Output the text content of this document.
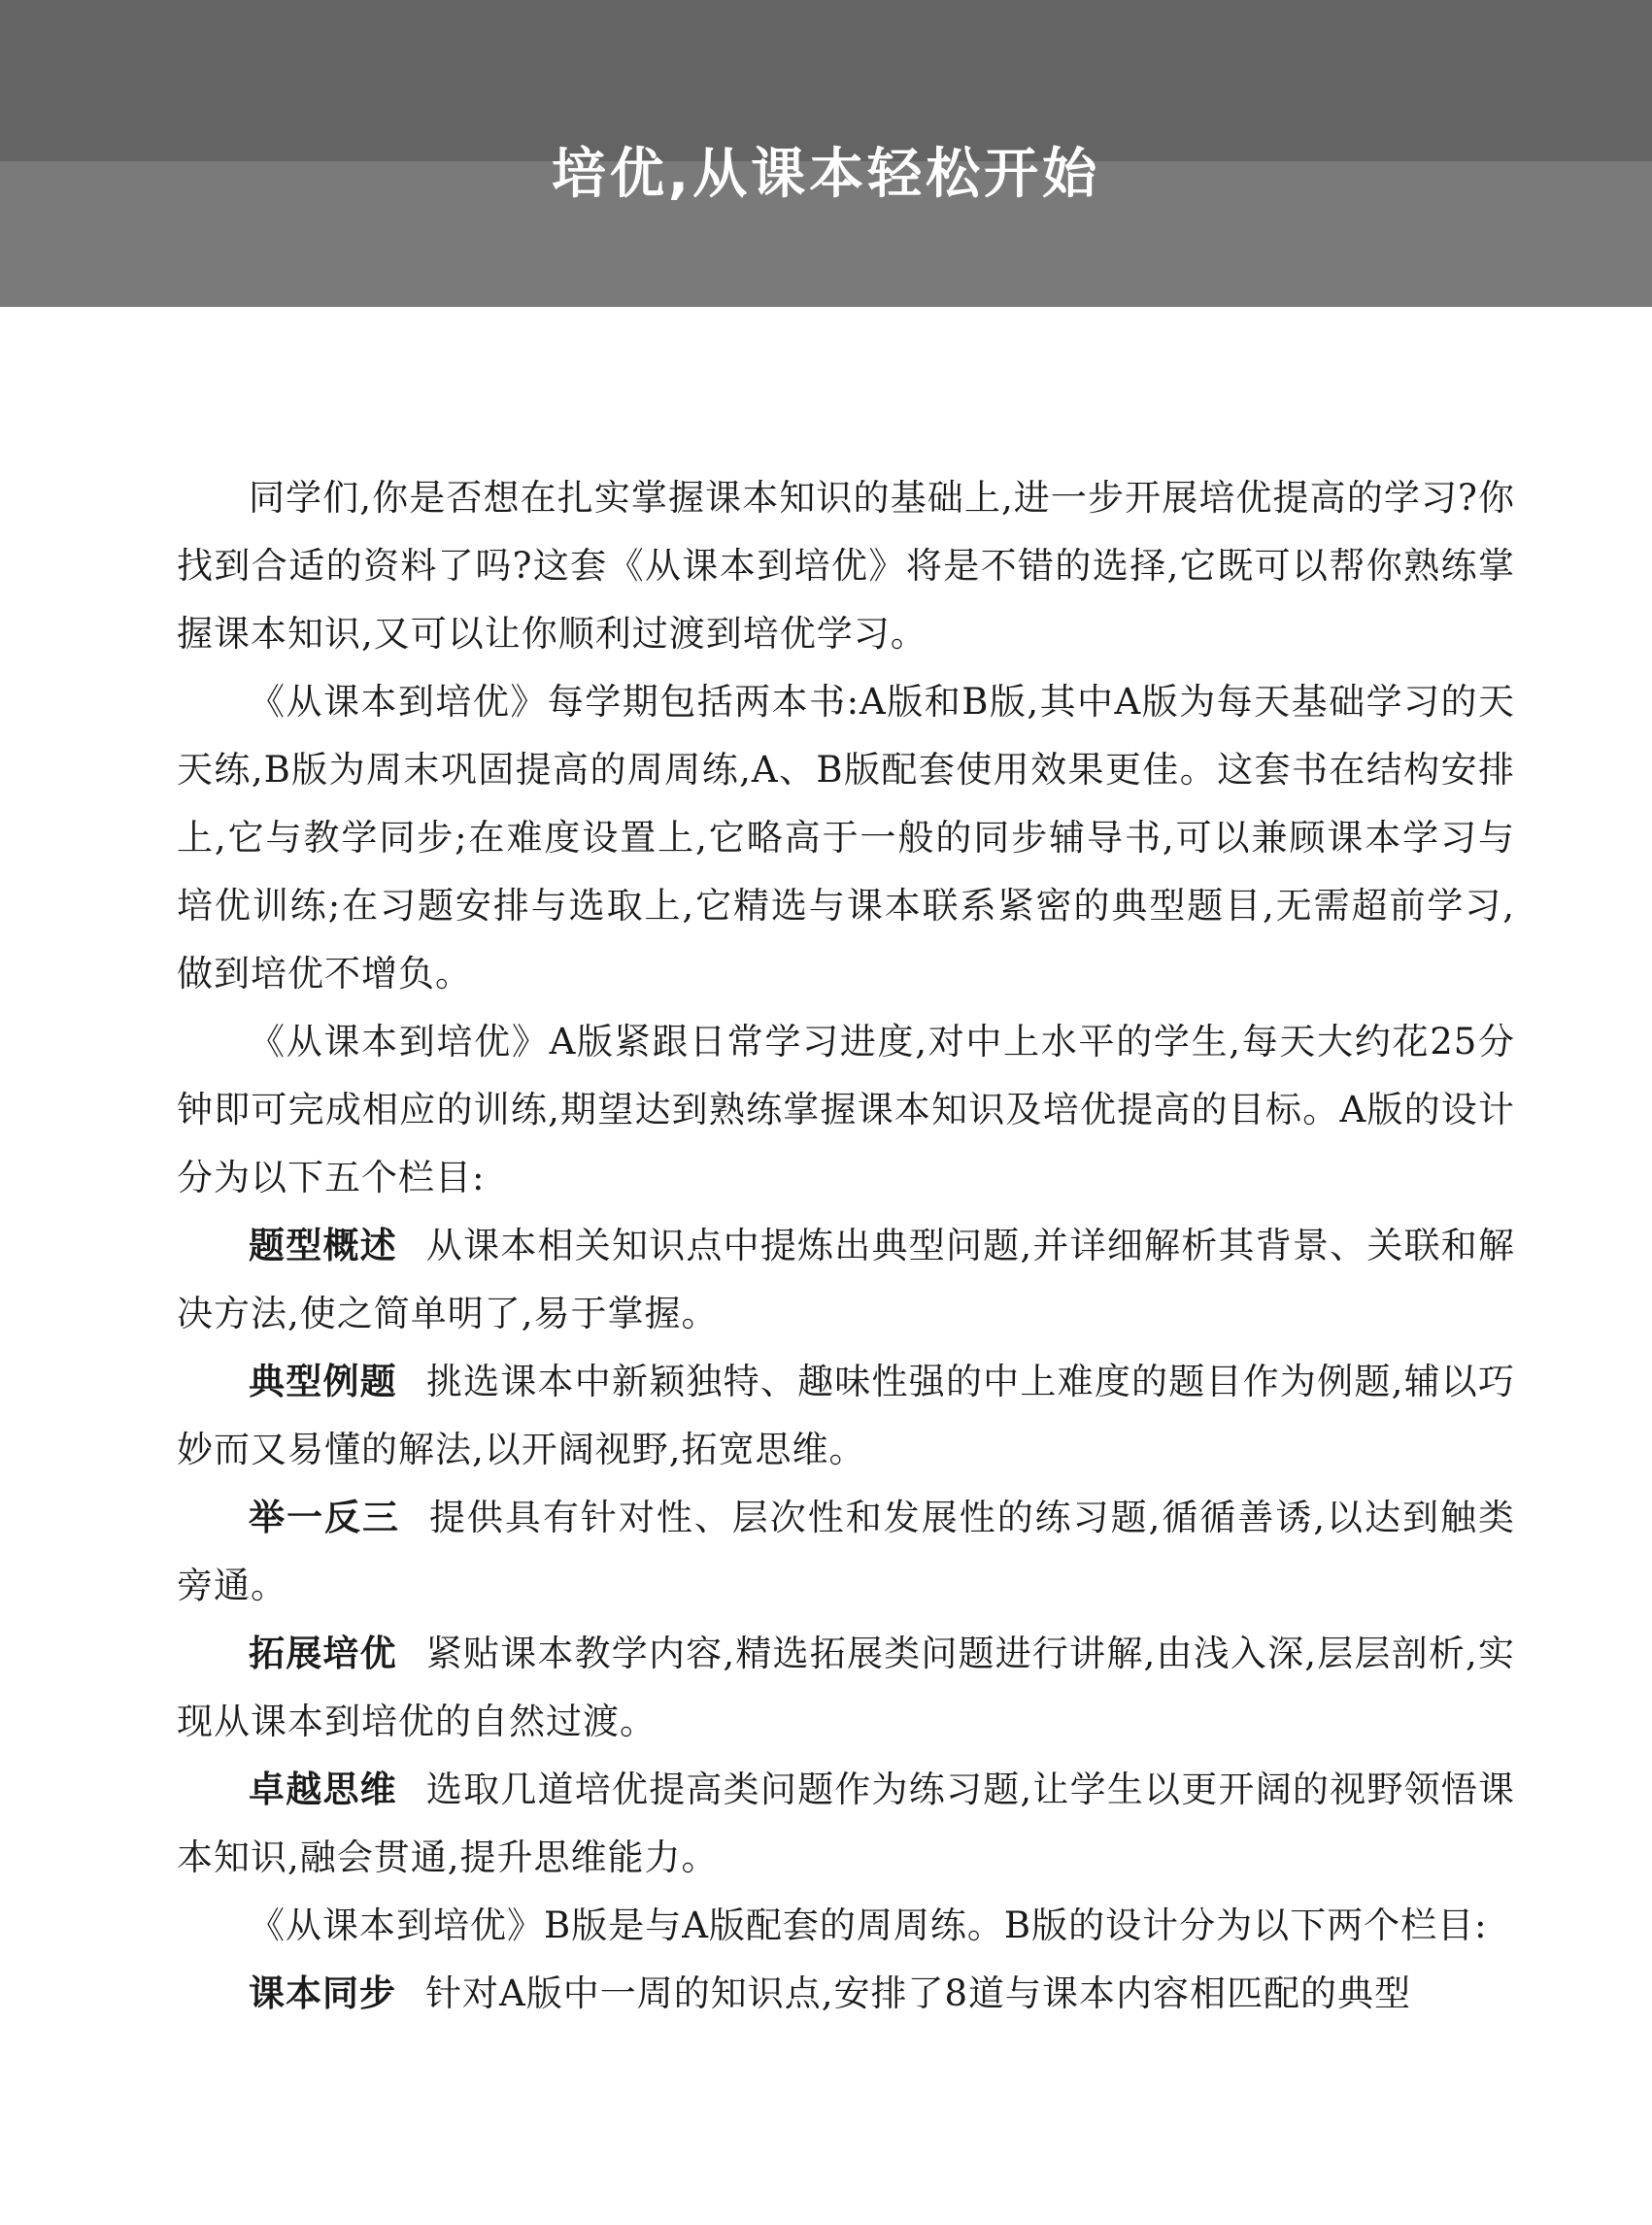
培优,从课本轻松开始

同学们,你是否想在扎实掌握课本知识的基础上,进一步开展培优提高的学习?你找到合适的资料了吗?这套《从课本到培优》将是不错的选择,它既可以帮你熟练掌握课本知识,又可以让你顺利过渡到培优学习。

《从课本到培优》每学期包括两本书:A版和B版,其中A版为每天基础学习的天天练,B版为周末巩固提高的周周练,A、B版配套使用效果更佳。这套书在结构安排上,它与教学同步;在难度设置上,它略高于一般的同步辅导书,可以兼顾课本学习与培优训练;在习题安排与选取上,它精选与课本联系紧密的典型题目,无需超前学习,做到培优不增负。

《从课本到培优》A版紧跟日常学习进度,对中上水平的学生,每天大约花25分钟即可完成相应的训练,期望达到熟练掌握课本知识及培优提高的目标。A版的设计分为以下五个栏目:

题型概述 从课本相关知识点中提炼出典型问题,并详细解析其背景、关联和解决方法,使之简单明了,易于掌握。

典型例题 挑选课本中新颖独特、趣味性强的中上难度的题目作为例题,辅以巧妙而又易懂的解法,以开阔视野,拓宽思维。

举一反三 提供具有针对性、层次性和发展性的练习题,循循善诱,以达到触类旁通。

拓展培优 紧贴课本教学内容,精选拓展类问题进行讲解,由浅入深,层层剖析,实现从课本到培优的自然过渡。

卓越思维 选取几道培优提高类问题作为练习题,让学生以更开阔的视野领悟课本知识,融会贯通,提升思维能力。

《从课本到培优》B版是与A版配套的周周练。B版的设计分为以下两个栏目:

课本同步 针对A版中一周的知识点,安排了8道与课本内容相匹配的典型
